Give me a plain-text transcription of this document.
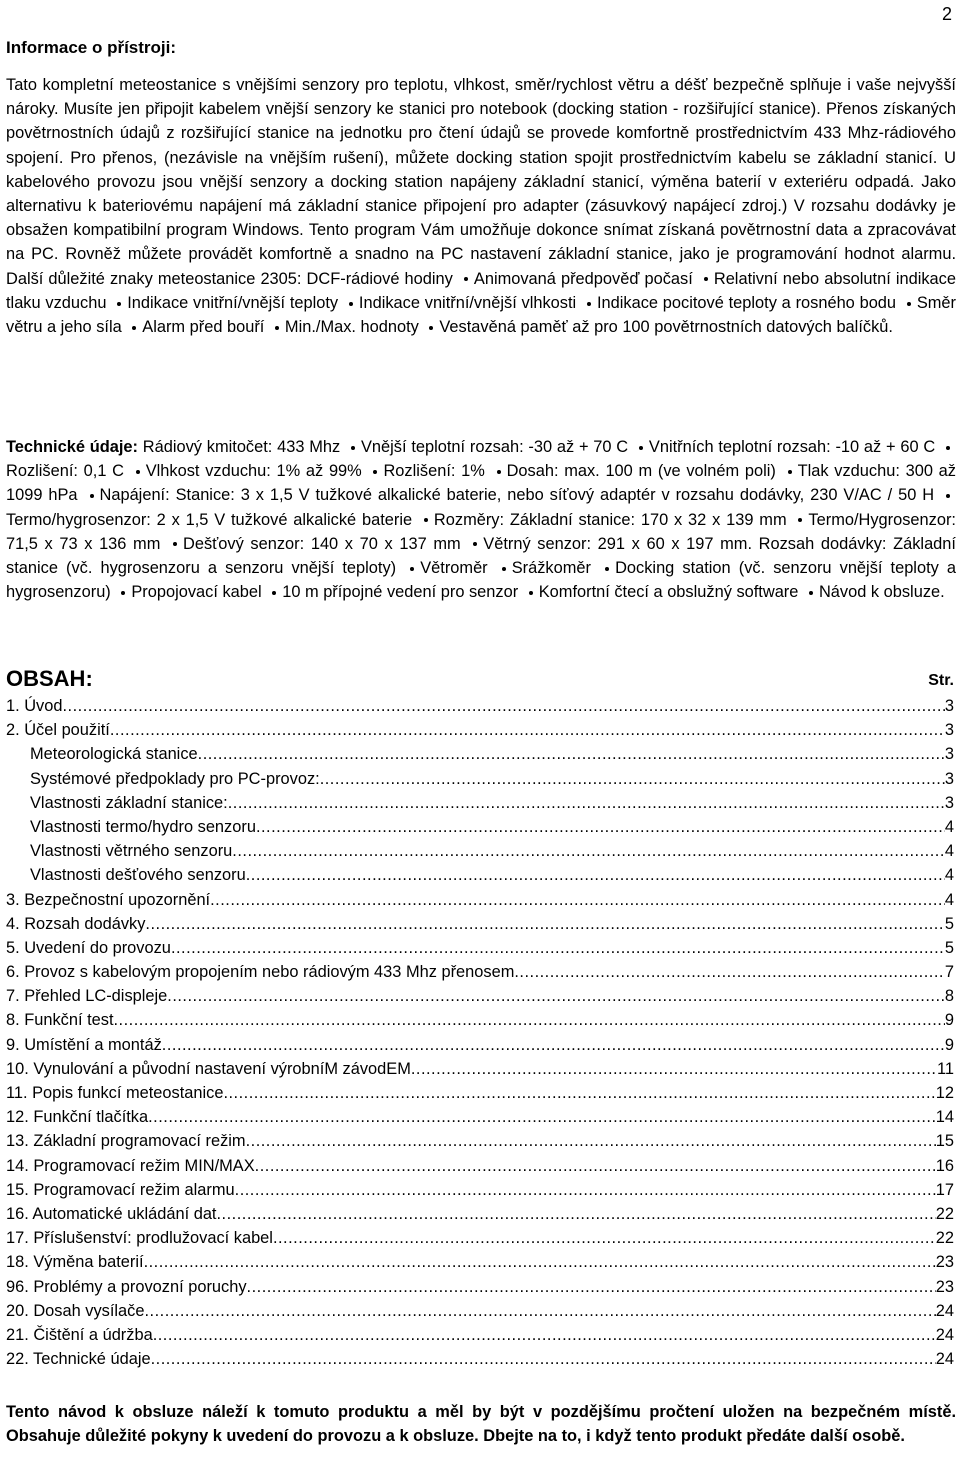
2
Informace o přístroji:
Tato kompletní meteostanice s vnějšími senzory pro teplotu, vlhkost, směr/rychlost větru a déšť bezpečně splňuje i vaše nejvyšší nároky. Musíte jen připojit kabelem vnější senzory ke stanici pro notebook (docking station - rozšiřující stanice). Přenos získaných povětrnostních údajů z rozšiřující stanice na jednotku pro čtení údajů se provede komfortně prostřednictvím 433 Mhz-rádiového spojení. Pro přenos, (nezávisle na vnějším rušení), můžete docking station spojit prostřednictvím kabelu se základní stanicí. U kabelového provozu jsou vnější senzory a docking station napájeny základní stanicí, výměna baterií v exteriéru odpadá. Jako alternativu k bateriovému napájení má základní stanice připojení pro adapter (zásuvkový napájecí zdroj.) V rozsahu dodávky je obsažen kompatibilní program Windows. Tento program Vám umožňuje dokonce snímat získaná povětrnostní data a zpracovávat na PC. Rovněž můžete provádět komfortně a snadno na PC nastavení základní stanice, jako je programování hodnot alarmu. Další důležité znaky meteostanice 2305: DCF-rádiové hodiny Animovaná předpověď počasí Relativní nebo absolutní indikace tlaku vzduchu Indikace vnitřní/vnější teploty Indikace vnitřní/vnější vlhkosti Indikace pocitové teploty a rosného bodu Směr větru a jeho síla Alarm před bouří Min./Max. hodnoty Vestavěná paměť až pro 100 povětrnostních datových balíčků.
Technické údaje: Rádiový kmitočet: 433 Mhz Vnější teplotní rozsah: -30 až + 70 C Vnitřních teplotní rozsah: -10 až + 60 C Rozlišení: 0,1 C Vlhkost vzduchu: 1% až 99% Rozlišení: 1% Dosah: max. 100 m (ve volném poli) Tlak vzduchu: 300 až 1099 hPa Napájení: Stanice: 3 x 1,5 V tužkové alkalické baterie, nebo síťový adaptér v rozsahu dodávky, 230 V/AC / 50 H Termo/hygrosenzor: 2 x 1,5 V tužkové alkalické baterie Rozměry: Základní stanice: 170 x 32 x 139 mm Termo/Hygrosenzor: 71,5 x 73 x 136 mm Dešťový senzor: 140 x 70 x 137 mm Větrný senzor: 291 x 60 x 197 mm. Rozsah dodávky: Základní stanice (vč. hygrosenzoru a senzoru vnější teploty) Větroměr Srážkoměr Docking station (vč. senzoru vnější teploty a hygrosenzoru) Propojovací kabel 10 m přípojné vedení pro senzor Komfortní čtecí a obslužný software Návod k obsluze.
OBSAH:	Str.
1. Úvod .....	3
2. Účel použití .....	3
Meteorologická stanice .....	3
Systémové předpoklady pro PC-provoz: .....	3
Vlastnosti základní stanice: .....	3
Vlastnosti termo/hydro senzoru .....	4
Vlastnosti větrného senzoru .....	4
Vlastnosti dešťového senzoru .....	4
3. Bezpečnostní upozornění .....	4
4. Rozsah dodávky .....	5
5. Uvedení do provozu .....	5
6. Provoz s kabelovým propojením nebo rádiovým 433 Mhz přenosem .....	7
7. Přehled LC-displeje .....	8
8. Funkční test .....	9
9. Umístění a montáž .....	9
10. Vynulování a původní nastavení výrobníM závodEM .....	11
11. Popis funkcí meteostanice .....	12
12. Funkční tlačítka .....	14
13. Základní programovací režim .....	15
14. Programovací režim MIN/MAX .....	16
15. Programovací režim alarmu .....	17
16. Automatické ukládání dat .....	22
17. Příslušenství: prodlužovací kabel .....	22
18. Výměna baterií .....	23
96. Problémy a provozní poruchy .....	23
20. Dosah vysílače .....	24
21. Čištění a údržba .....	24
22. Technické údaje .....	24
Tento návod k obsluze náleží k tomuto produktu a měl by být v pozdějšímu pročtení uložen na bezpečném místě. Obsahuje důležité pokyny k uvedení do provozu a k obsluze. Dbejte na to, i když tento produkt předáte další osobě.
